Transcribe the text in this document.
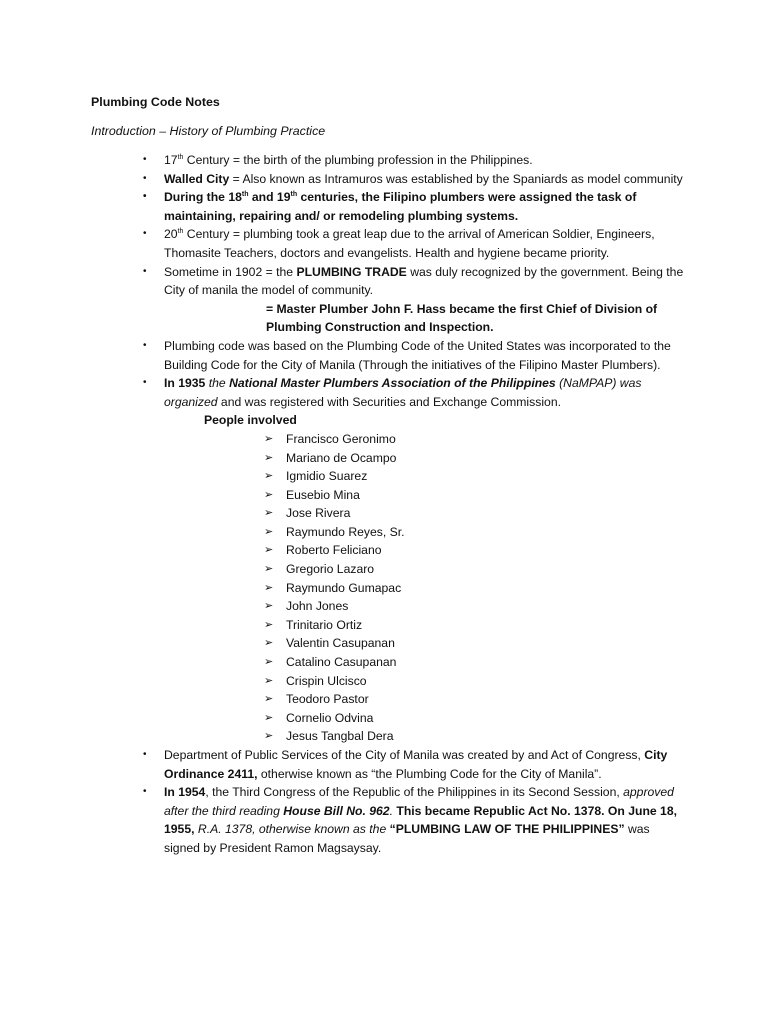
Plumbing Code Notes
Introduction – History of Plumbing Practice
• 17th Century = the birth of the plumbing profession in the Philippines.
• Walled City = Also known as Intramuros was established by the Spaniards as model community
• During the 18th and 19th centuries, the Filipino plumbers were assigned the task of maintaining, repairing and/ or remodeling plumbing systems.
• 20th Century = plumbing took a great leap due to the arrival of American Soldier, Engineers, Thomasite Teachers, doctors and evangelists. Health and hygiene became priority.
• Sometime in 1902 = the PLUMBING TRADE was duly recognized by the government. Being the City of manila the model of community.
= Master Plumber John F. Hass became the first Chief of Division of Plumbing Construction and Inspection.
• Plumbing code was based on the Plumbing Code of the United States was incorporated to the Building Code for the City of Manila (Through the initiatives of the Filipino Master Plumbers).
• In 1935 the National Master Plumbers Association of the Philippines (NaMPAP) was organized and was registered with Securities and Exchange Commission.
People involved
➢ Francisco Geronimo
➢ Mariano de Ocampo
➢ Igmidio Suarez
➢ Eusebio Mina
➢ Jose Rivera
➢ Raymundo Reyes, Sr.
➢ Roberto Feliciano
➢ Gregorio Lazaro
➢ Raymundo Gumapac
➢ John Jones
➢ Trinitario Ortiz
➢ Valentin Casupanan
➢ Catalino Casupanan
➢ Crispin Ulcisco
➢ Teodoro Pastor
➢ Cornelio Odvina
➢ Jesus Tangbal Dera
• Department of Public Services of the City of Manila was created by and Act of Congress, City Ordinance 2411, otherwise known as “the Plumbing Code for the City of Manila”.
• In 1954, the Third Congress of the Republic of the Philippines in its Second Session, approved after the third reading House Bill No. 962. This became Republic Act No. 1378. On June 18, 1955, R.A. 1378, otherwise known as the “PLUMBING LAW OF THE PHILIPPINES” was signed by President Ramon Magsaysay.
